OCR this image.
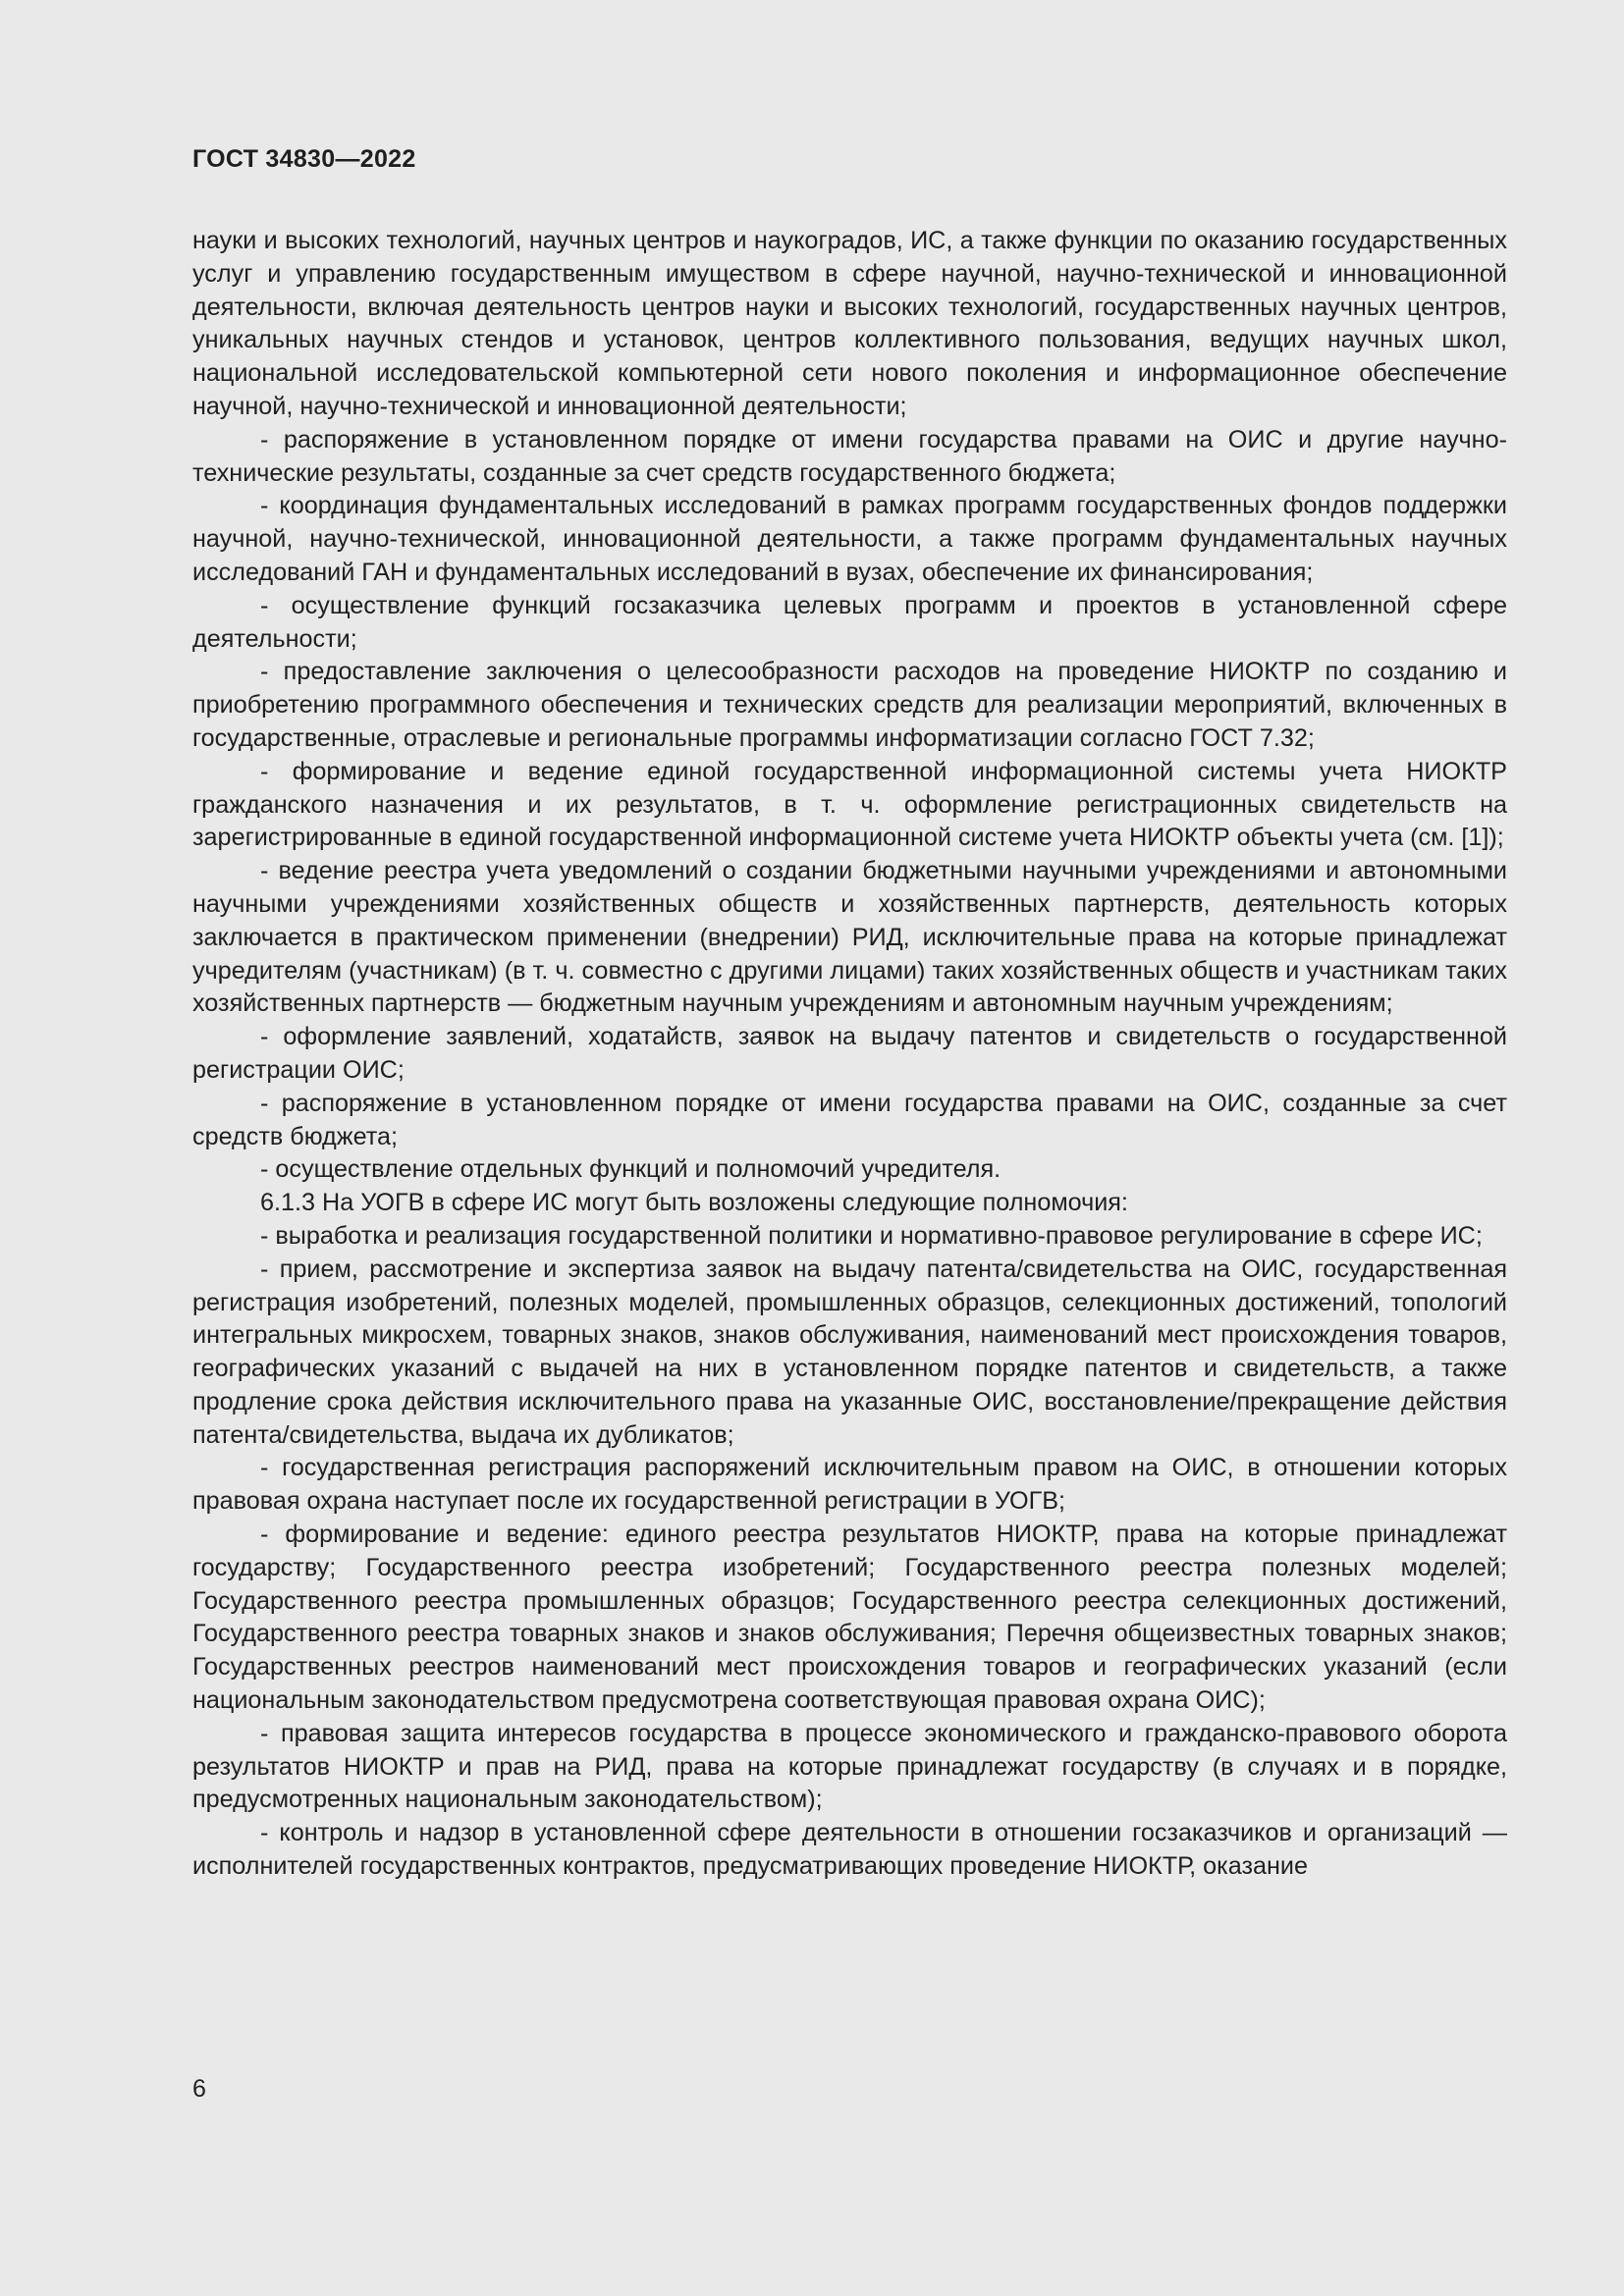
ГОСТ 34830—2022

науки и высоких технологий, научных центров и наукоградов, ИС, а также функции по оказанию государственных услуг и управлению государственным имуществом в сфере научной, научно-технической и инновационной деятельности, включая деятельность центров науки и высоких технологий, государственных научных центров, уникальных научных стендов и установок, центров коллективного пользования, ведущих научных школ, национальной исследовательской компьютерной сети нового поколения и информационное обеспечение научной, научно-технической и инновационной деятельности;

- распоряжение в установленном порядке от имени государства правами на ОИС и другие научно-технические результаты, созданные за счет средств государственного бюджета;

- координация фундаментальных исследований в рамках программ государственных фондов поддержки научной, научно-технической, инновационной деятельности, а также программ фундаментальных научных исследований ГАН и фундаментальных исследований в вузах, обеспечение их финансирования;

- осуществление функций госзаказчика целевых программ и проектов в установленной сфере деятельности;

- предоставление заключения о целесообразности расходов на проведение НИОКТР по созданию и приобретению программного обеспечения и технических средств для реализации мероприятий, включенных в государственные, отраслевые и региональные программы информатизации согласно ГОСТ 7.32;

- формирование и ведение единой государственной информационной системы учета НИОКТР гражданского назначения и их результатов, в т. ч. оформление регистрационных свидетельств на зарегистрированные в единой государственной информационной системе учета НИОКТР объекты учета (см. [1]);

- ведение реестра учета уведомлений о создании бюджетными научными учреждениями и автономными научными учреждениями хозяйственных обществ и хозяйственных партнерств, деятельность которых заключается в практическом применении (внедрении) РИД, исключительные права на которые принадлежат учредителям (участникам) (в т. ч. совместно с другими лицами) таких хозяйственных обществ и участникам таких хозяйственных партнерств — бюджетным научным учреждениям и автономным научным учреждениям;

- оформление заявлений, ходатайств, заявок на выдачу патентов и свидетельств о государственной регистрации ОИС;

- распоряжение в установленном порядке от имени государства правами на ОИС, созданные за счет средств бюджета;

- осуществление отдельных функций и полномочий учредителя.

6.1.3 На УОГВ в сфере ИС могут быть возложены следующие полномочия:

- выработка и реализация государственной политики и нормативно-правовое регулирование в сфере ИС;

- прием, рассмотрение и экспертиза заявок на выдачу патента/свидетельства на ОИС, государственная регистрация изобретений, полезных моделей, промышленных образцов, селекционных достижений, топологий интегральных микросхем, товарных знаков, знаков обслуживания, наименований мест происхождения товаров, географических указаний с выдачей на них в установленном порядке патентов и свидетельств, а также продление срока действия исключительного права на указанные ОИС, восстановление/прекращение действия патента/свидетельства, выдача их дубликатов;

- государственная регистрация распоряжений исключительным правом на ОИС, в отношении которых правовая охрана наступает после их государственной регистрации в УОГВ;

- формирование и ведение: единого реестра результатов НИОКТР, права на которые принадлежат государству; Государственного реестра изобретений; Государственного реестра полезных моделей; Государственного реестра промышленных образцов; Государственного реестра селекционных достижений, Государственного реестра товарных знаков и знаков обслуживания; Перечня общеизвестных товарных знаков; Государственных реестров наименований мест происхождения товаров и географических указаний (если национальным законодательством предусмотрена соответствующая правовая охрана ОИС);

- правовая защита интересов государства в процессе экономического и гражданско-правового оборота результатов НИОКТР и прав на РИД, права на которые принадлежат государству (в случаях и в порядке, предусмотренных национальным законодательством);

- контроль и надзор в установленной сфере деятельности в отношении госзаказчиков и организаций — исполнителей государственных контрактов, предусматривающих проведение НИОКТР, оказание

6
